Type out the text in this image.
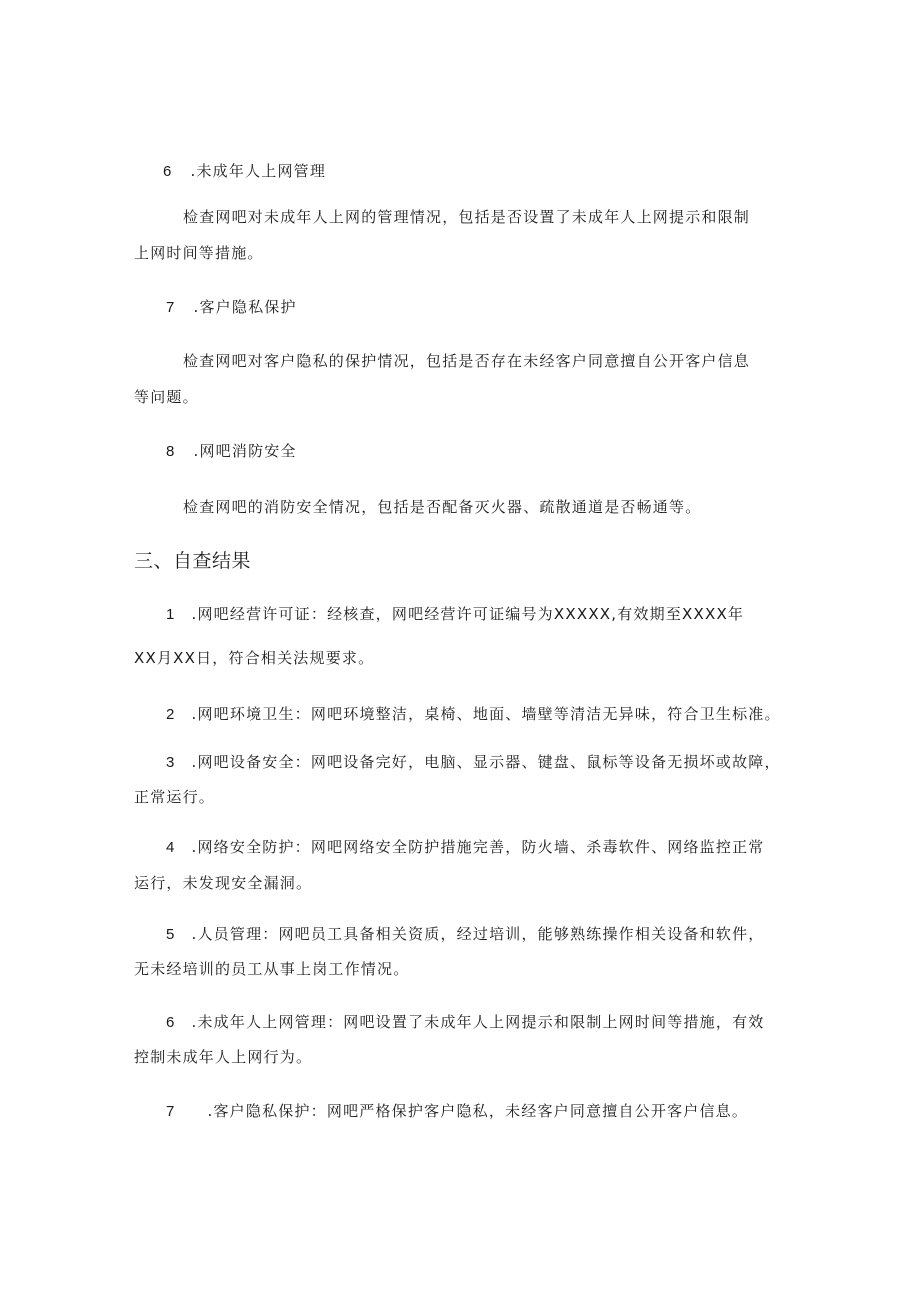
6 .未成年人上网管理
检查网吧对未成年人上网的管理情况，包括是否设置了未成年人上网提示和限制
上网时间等措施。
7 .客户隐私保护
检查网吧对客户隐私的保护情况，包括是否存在未经客户同意擅自公开客户信息
等问题。
8 .网吧消防安全
检查网吧的消防安全情况，包括是否配备灭火器、疏散通道是否畅通等。
三、自查结果
1 .网吧经营许可证：经核查，网吧经营许可证编号为XXXXX,有效期至XXXX年
XX月XX日，符合相关法规要求。
2 .网吧环境卫生：网吧环境整洁，桌椅、地面、墙壁等清洁无异味，符合卫生标准。
3 .网吧设备安全：网吧设备完好，电脑、显示器、键盘、鼠标等设备无损坏或故障，
正常运行。
4 .网络安全防护：网吧网络安全防护措施完善，防火墙、杀毒软件、网络监控正常
运行，未发现安全漏洞。
5 .人员管理：网吧员工具备相关资质，经过培训，能够熟练操作相关设备和软件，
无未经培训的员工从事上岗工作情况。
6 .未成年人上网管理：网吧设置了未成年人上网提示和限制上网时间等措施，有效
控制未成年人上网行为。
7 .客户隐私保护：网吧严格保护客户隐私，未经客户同意擅自公开客户信息。
